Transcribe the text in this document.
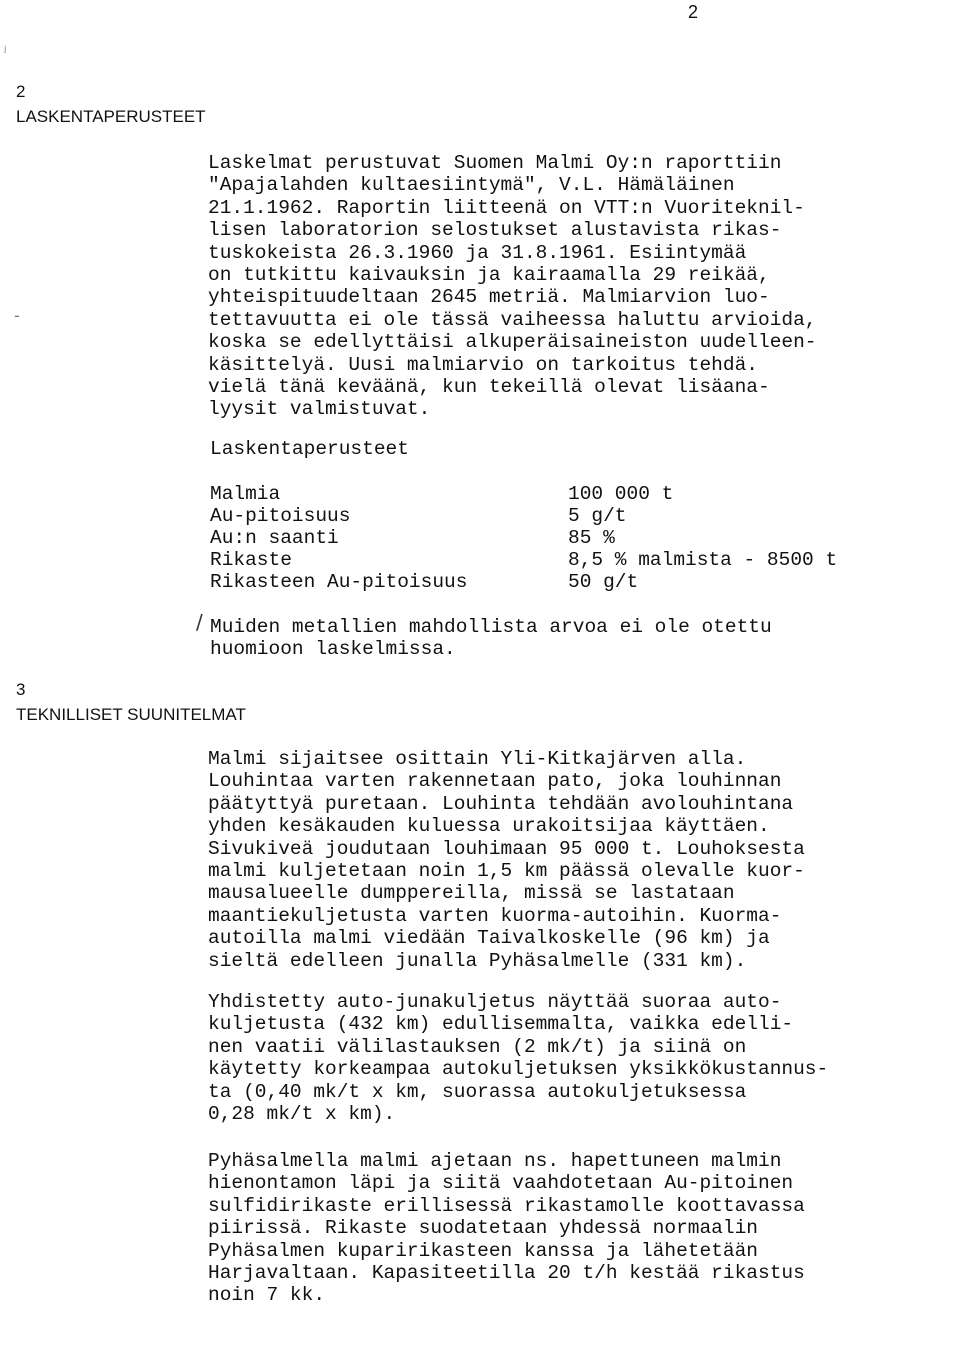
2
ʲ
-
/
2
LASKENTAPERUSTEET
Laskelmat perustuvat Suomen Malmi Oy:n raporttiin
"Apajalahden kultaesiintymä", V.L. Hämäläinen
21.1.1962. Raportin liitteenä on VTT:n Vuoriteknil-
lisen laboratorion selostukset alustavista rikas-
tuskokeista 26.3.1960 ja 31.8.1961. Esiintymää
on tutkittu kaivauksin ja kairaamalla 29 reikää,
yhteispituudeltaan 2645 metriä. Malmiarvion luo-
tettavuutta ei ole tässä vaiheessa haluttu arvioida,
koska se edellyttäisi alkuperäisaineiston uudelleen-
käsittelyä. Uusi malmiarvio on tarkoitus tehdä.
vielä tänä keväänä, kun tekeillä olevat lisäana-
lyysit valmistuvat.
Laskentaperusteet
Malmia	100 000 t
Au-pitoisuus	5 g/t
Au:n saanti	85 %
Rikaste	8,5 % malmista - 8500 t
Rikasteen Au-pitoisuus	50 g/t
Muiden metallien mahdollista arvoa ei ole otettu
huomioon laskelmissa.
3
TEKNILLISET SUUNITELMAT
Malmi sijaitsee osittain Yli-Kitkajärven alla.
Louhintaa varten rakennetaan pato, joka louhinnan
päätyttyä puretaan. Louhinta tehdään avolouhintana
yhden kesäkauden kuluessa urakoitsijaa käyttäen.
Sivukiveä joudutaan louhimaan 95 000 t. Louhoksesta
malmi kuljetetaan noin 1,5 km päässä olevalle kuor-
mausalueelle dumppereilla, missä se lastataan
maantiekuljetusta varten kuorma-autoihin. Kuorma-
autoilla malmi viedään Taivalkoskelle (96 km) ja
sieltä edelleen junalla Pyhäsalmelle (331 km).
Yhdistetty auto-junakuljetus näyttää suoraa auto-
kuljetusta (432 km) edullisemmalta, vaikka edelli-
nen vaatii välilastauksen (2 mk/t) ja siinä on
käytetty korkeampaa autokuljetuksen yksikkökustannus-
ta (0,40 mk/t x km, suorassa autokuljetuksessa
0,28 mk/t x km).
Pyhäsalmella malmi ajetaan ns. hapettuneen malmin
hienontamon läpi ja siitä vaahdotetaan Au-pitoinen
sulfidirikaste erillisessä rikastamolle koottavassa
piirissä. Rikaste suodatetaan yhdessä normaalin
Pyhäsalmen kuparirikasteen kanssa ja lähetetään
Harjavaltaan. Kapasiteetilla 20 t/h kestää rikastus
noin 7 kk.
